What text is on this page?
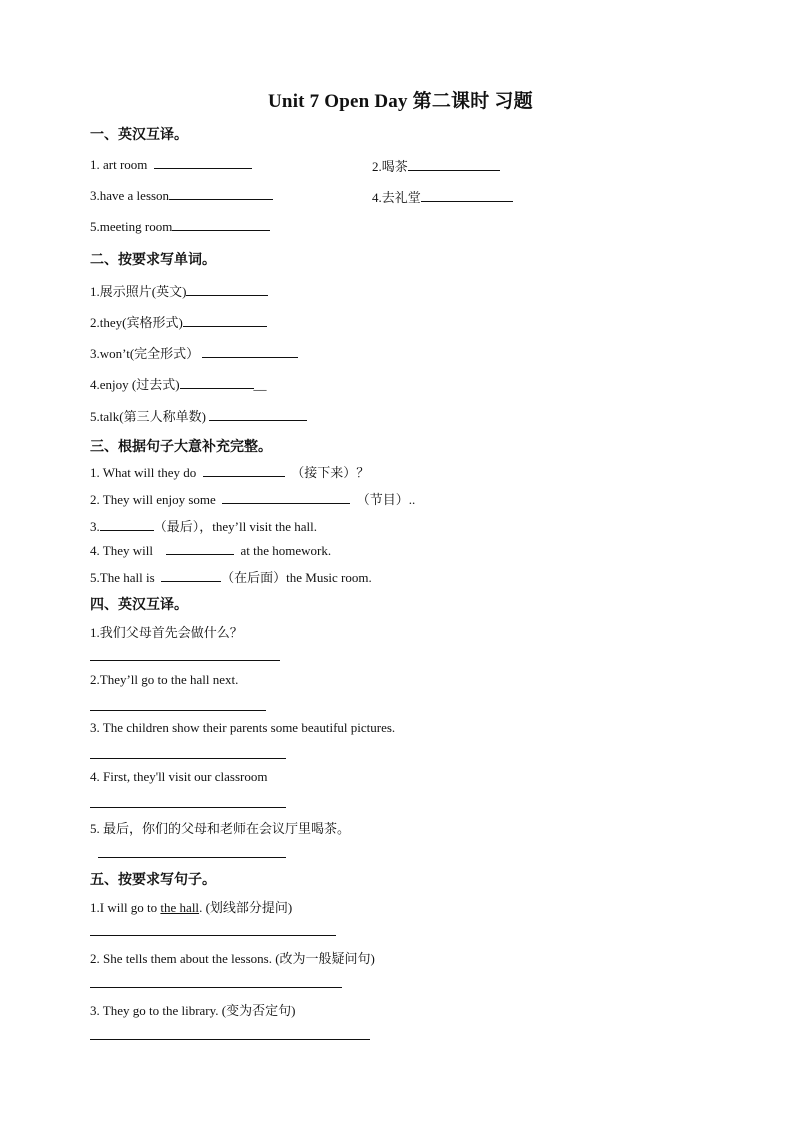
Unit 7 Open Day 第二课时 习题
一、英汉互译。
1. art room	2.喝茶
3.have a lesson	4.去礼堂
5.meeting room
二、按要求写单词。
1.展示照片(英文)
2.they(宾格形式)
3.won’t(完全形式）
4.enjoy (过去式)	__
5.talk(第三人称单数)
三、根据句子大意补充完整。
1. What will they do	（接下来）？
2. They will enjoy some	（节目）..
3.	（最后），they’ll visit the hall.
4. They will	at the homework.
5.The hall is	（在后面）the Music room.
四、英汉互译。
1.我们父母首先会做什么？
2.They’ll go to the hall next.
3. The children show their parents some beautiful pictures.
4. First, they'll visit our classroom
5. 最后，你们的父母和老师在会议厅里喝茶。
五、按要求写句子。
1.I will go to the hall. (划线部分提问)
2. She tells them about the lessons. (改为一般疑问句)
3. They go to the library. (变为否定句)
